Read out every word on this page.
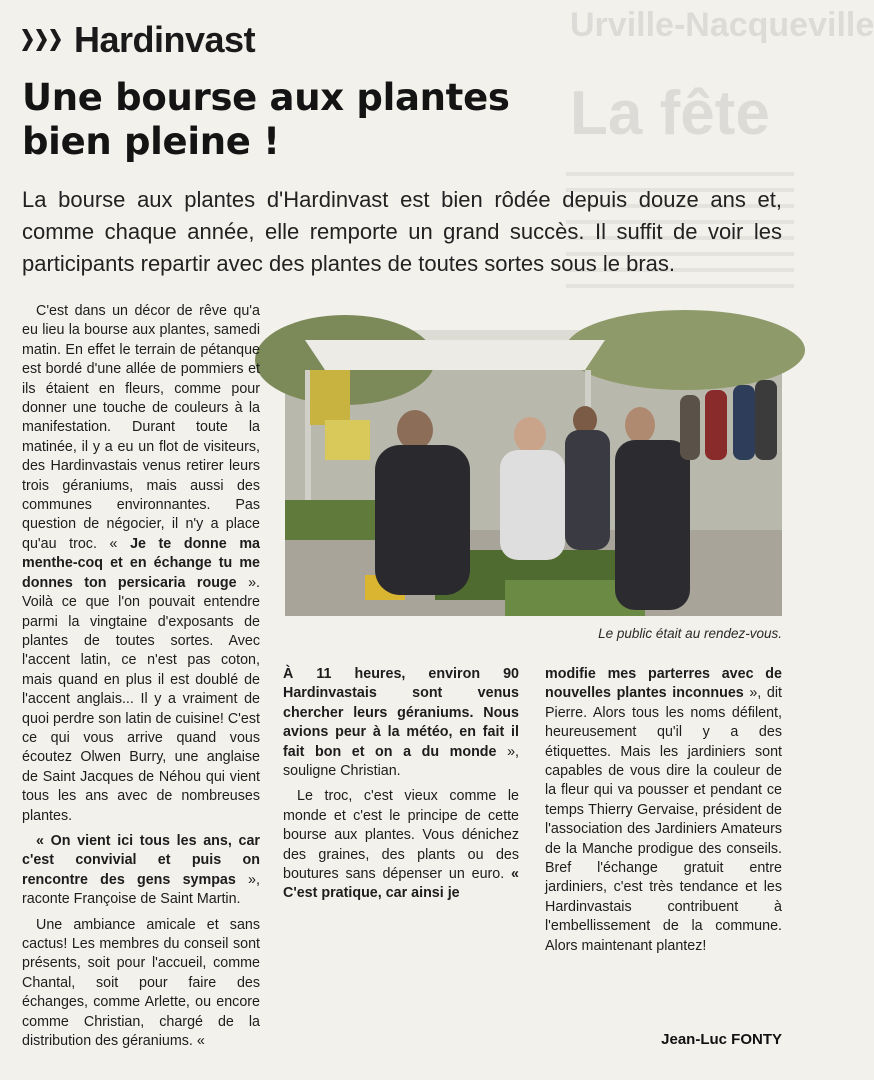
Urville-Nacqueville
La fête
Hardinvast
Une bourse aux plantes bien pleine !

La bourse aux plantes d'Hardinvast est bien rôdée depuis douze ans et, comme chaque année, elle remporte un grand succès. Il suffit de voir les participants repartir avec des plantes de toutes sortes sous le bras.

Le public était au rendez-vous.

C'est dans un décor de rêve qu'a eu lieu la bourse aux plantes, samedi matin. En effet le terrain de pétanque est bordé d'une allée de pommiers et ils étaient en fleurs, comme pour donner une touche de couleurs à la manifestation. Durant toute la matinée, il y a eu un flot de visiteurs, des Hardinvastais venus retirer leurs trois géraniums, mais aussi des communes environnantes. Pas question de négocier, il n'y a place qu'au troc. « Je te donne ma menthe-coq et en échange tu me donnes ton persicaria rouge ». Voilà ce que l'on pouvait entendre parmi la vingtaine d'exposants de plantes de toutes sortes. Avec l'accent latin, ce n'est pas coton, mais quand en plus il est doublé de l'accent anglais... Il y a vraiment de quoi perdre son latin de cuisine! C'est ce qui vous arrive quand vous écoutez Olwen Burry, une anglaise de Saint Jacques de Néhou qui vient tous les ans avec de nombreuses plantes.

« On vient ici tous les ans, car c'est convivial et puis on rencontre des gens sympas », raconte Françoise de Saint Martin.

Une ambiance amicale et sans cactus! Les membres du conseil sont présents, soit pour l'accueil, comme Chantal, soit pour faire des échanges, comme Arlette, ou encore comme Christian, chargé de la distribution des géraniums. «

À 11 heures, environ 90 Hardinvastais sont venus chercher leurs géraniums. Nous avions peur à la météo, en fait il fait bon et on a du monde », souligne Christian.

Le troc, c'est vieux comme le monde et c'est le principe de cette bourse aux plantes. Vous dénichez des graines, des plants ou des boutures sans dépenser un euro. « C'est pratique, car ainsi je

modifie mes parterres avec de nouvelles plantes inconnues », dit Pierre. Alors tous les noms défilent, heureusement qu'il y a des étiquettes. Mais les jardiniers sont capables de vous dire la couleur de la fleur qui va pousser et pendant ce temps Thierry Gervaise, président de l'association des Jardiniers Amateurs de la Manche prodigue des conseils. Bref l'échange gratuit entre jardiniers, c'est très tendance et les Hardinvastais contribuent à l'embellissement de la commune. Alors maintenant plantez!

Jean-Luc FONTY
